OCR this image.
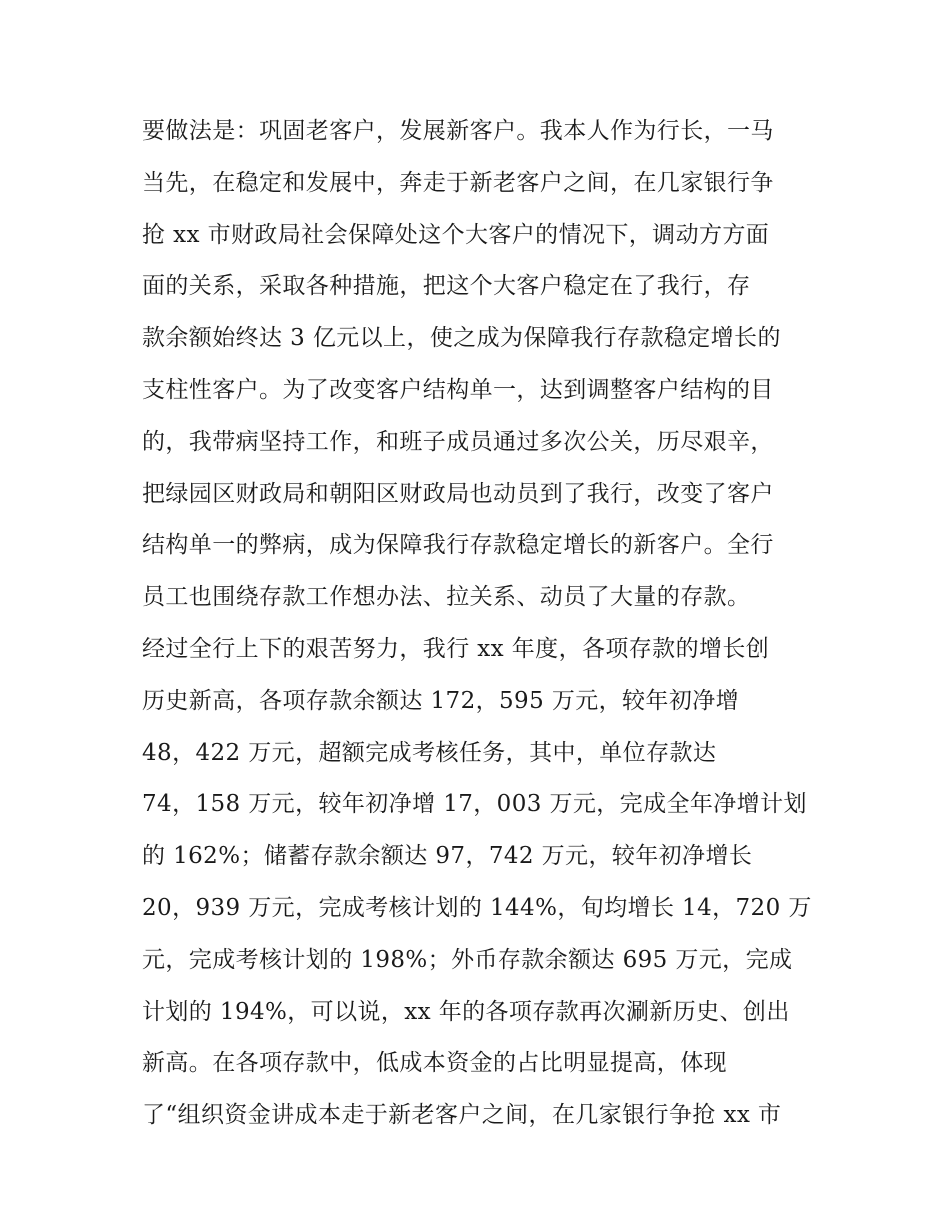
要做法是：巩固老客户，发展新客户。我本人作为行长，一马
当先，在稳定和发展中，奔走于新老客户之间，在几家银行争
抢 xx 市财政局社会保障处这个大客户的情况下，调动方方面
面的关系，采取各种措施，把这个大客户稳定在了我行，存
款余额始终达 3 亿元以上，使之成为保障我行存款稳定增长的
支柱性客户。为了改变客户结构单一，达到调整客户结构的目
的，我带病坚持工作，和班子成员通过多次公关，历尽艰辛，
把绿园区财政局和朝阳区财政局也动员到了我行，改变了客户
结构单一的弊病，成为保障我行存款稳定增长的新客户。全行
员工也围绕存款工作想办法、拉关系、动员了大量的存款。
经过全行上下的艰苦努力，我行 xx 年度，各项存款的增长创
历史新高，各项存款余额达 172，595 万元，较年初净增
48，422 万元，超额完成考核任务，其中，单位存款达
74，158 万元，较年初净增 17，003 万元，完成全年净增计划
的 162%；储蓄存款余额达 97，742 万元，较年初净增长
20，939 万元，完成考核计划的 144%，旬均增长 14，720 万
元，完成考核计划的 198%；外币存款余额达 695 万元，完成
计划的 194%，可以说，xx 年的各项存款再次涮新历史、创出
新高。在各项存款中，低成本资金的占比明显提高，体现
了“组织资金讲成本走于新老客户之间，在几家银行争抢 xx 市
